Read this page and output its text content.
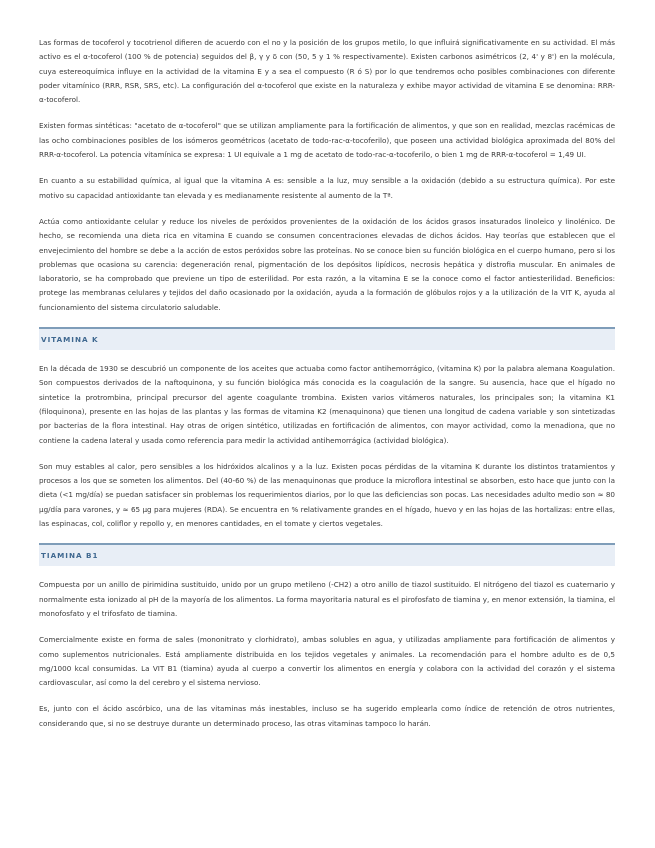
Las formas de tocoferol y tocotrienol difieren de acuerdo con el no y la posición de los grupos metilo, lo que influirá significativamente en su actividad. El más activo es el α-tocoferol (100 % de potencia) seguidos del β, γ y δ con (50, 5 y 1 % respectivamente). Existen carbonos asimétricos (2, 4' y 8') en la molécula, cuya estereoquímica influye en la actividad de la vitamina E y a sea el compuesto (R ó S) por lo que tendremos ocho posibles combinaciones con diferente poder vitamínico (RRR, RSR, SRS, etc). La configuración del α-tocoferol que existe en la naturaleza y exhibe mayor actividad de vitamina E se denomina: RRR-α-tocoferol.

Existen formas sintéticas: "acetato de α-tocoferol" que se utilizan ampliamente para la fortificación de alimentos, y que son en realidad, mezclas racémicas de las ocho combinaciones posibles de los isómeros geométricos (acetato de todo-rac-α-tocoferilo), que poseen una actividad biológica aproximada del 80% del RRR-α-tocoferol. La potencia vitamínica se expresa: 1 UI equivale a 1 mg de acetato de todo-rac-α-tocoferilo, o bien 1 mg de RRR-α-tocoferol = 1,49 UI.

En cuanto a su estabilidad química, al igual que la vitamina A es: sensible a la luz, muy sensible a la oxidación (debido a su estructura química). Por este motivo su capacidad antioxidante tan elevada y es medianamente resistente al aumento de la Tª.

Actúa como antioxidante celular y reduce los niveles de peróxidos provenientes de la oxidación de los ácidos grasos insaturados linoleico y linolénico. De hecho, se recomienda una dieta rica en vitamina E cuando se consumen concentraciones elevadas de dichos ácidos. Hay teorías que establecen que el envejecimiento del hombre se debe a la acción de estos peróxidos sobre las proteínas. No se conoce bien su función biológica en el cuerpo humano, pero si los problemas que ocasiona su carencia: degeneración renal, pigmentación de los depósitos lipídicos, necrosis hepática y distrofia muscular. En animales de laboratorio, se ha comprobado que previene un tipo de esterilidad. Por esta razón, a la vitamina E se la conoce como el factor antiesterilidad. Beneficios: protege las membranas celulares y tejidos del daño ocasionado por la oxidación, ayuda a la formación de glóbulos rojos y a la utilización de la VIT K, ayuda al funcionamiento del sistema circulatorio saludable.

VITAMINA K

En la década de 1930 se descubrió un componente de los aceites que actuaba como factor antihemorrágico, (vitamina K) por la palabra alemana Koagulation. Son compuestos derivados de la naftoquinona, y su función biológica más conocida es la coagulación de la sangre. Su ausencia, hace que el hígado no sintetice la protrombina, principal precursor del agente coagulante trombina. Existen varios vitámeros naturales, los principales son; la vitamina K1 (filoquinona), presente en las hojas de las plantas y las formas de vitamina K2 (menaquinona) que tienen una longitud de cadena variable y son sintetizadas por bacterias de la flora intestinal. Hay otras de origen sintético, utilizadas en fortificación de alimentos, con mayor actividad, como la menadiona, que no contiene la cadena lateral y usada como referencia para medir la actividad antihemorrágica (actividad biológica).

Son muy estables al calor, pero sensibles a los hidróxidos alcalinos y a la luz. Existen pocas pérdidas de la vitamina K durante los distintos tratamientos y procesos a los que se someten los alimentos. Del (40-60 %) de las menaquinonas que produce la microflora intestinal se absorben, esto hace que junto con la dieta (<1 mg/día) se puedan satisfacer sin problemas los requerimientos diarios, por lo que las deficiencias son pocas. Las necesidades adulto medio son ≈ 80 μg/día para varones, y ≈ 65 μg para mujeres (RDA). Se encuentra en % relativamente grandes en el hígado, huevo y en las hojas de las hortalizas: entre ellas, las espinacas, col, coliflor y repollo y, en menores cantidades, en el tomate y ciertos vegetales.

TIAMINA B1

Compuesta por un anillo de pirimidina sustituido, unido por un grupo metileno (-CH2) a otro anillo de tiazol sustituido. El nitrógeno del tiazol es cuaternario y normalmente esta ionizado al pH de la mayoría de los alimentos. La forma mayoritaria natural es el pirofosfato de tiamina y, en menor extensión, la tiamina, el monofosfato y el trifosfato de tiamina.

Comercialmente existe en forma de sales (mononitrato y clorhidrato), ambas solubles en agua, y utilizadas ampliamente para fortificación de alimentos y como suplementos nutricionales. Está ampliamente distribuida en los tejidos vegetales y animales. La recomendación para el hombre adulto es de 0,5 mg/1000 kcal consumidas. La VIT B1 (tiamina) ayuda al cuerpo a convertir los alimentos en energía y colabora con la actividad del corazón y el sistema cardiovascular, así como la del cerebro y el sistema nervioso.

Es, junto con el ácido ascórbico, una de las vitaminas más inestables, incluso se ha sugerido emplearla como índice de retención de otros nutrientes, considerando que, si no se destruye durante un determinado proceso, las otras vitaminas tampoco lo harán.
